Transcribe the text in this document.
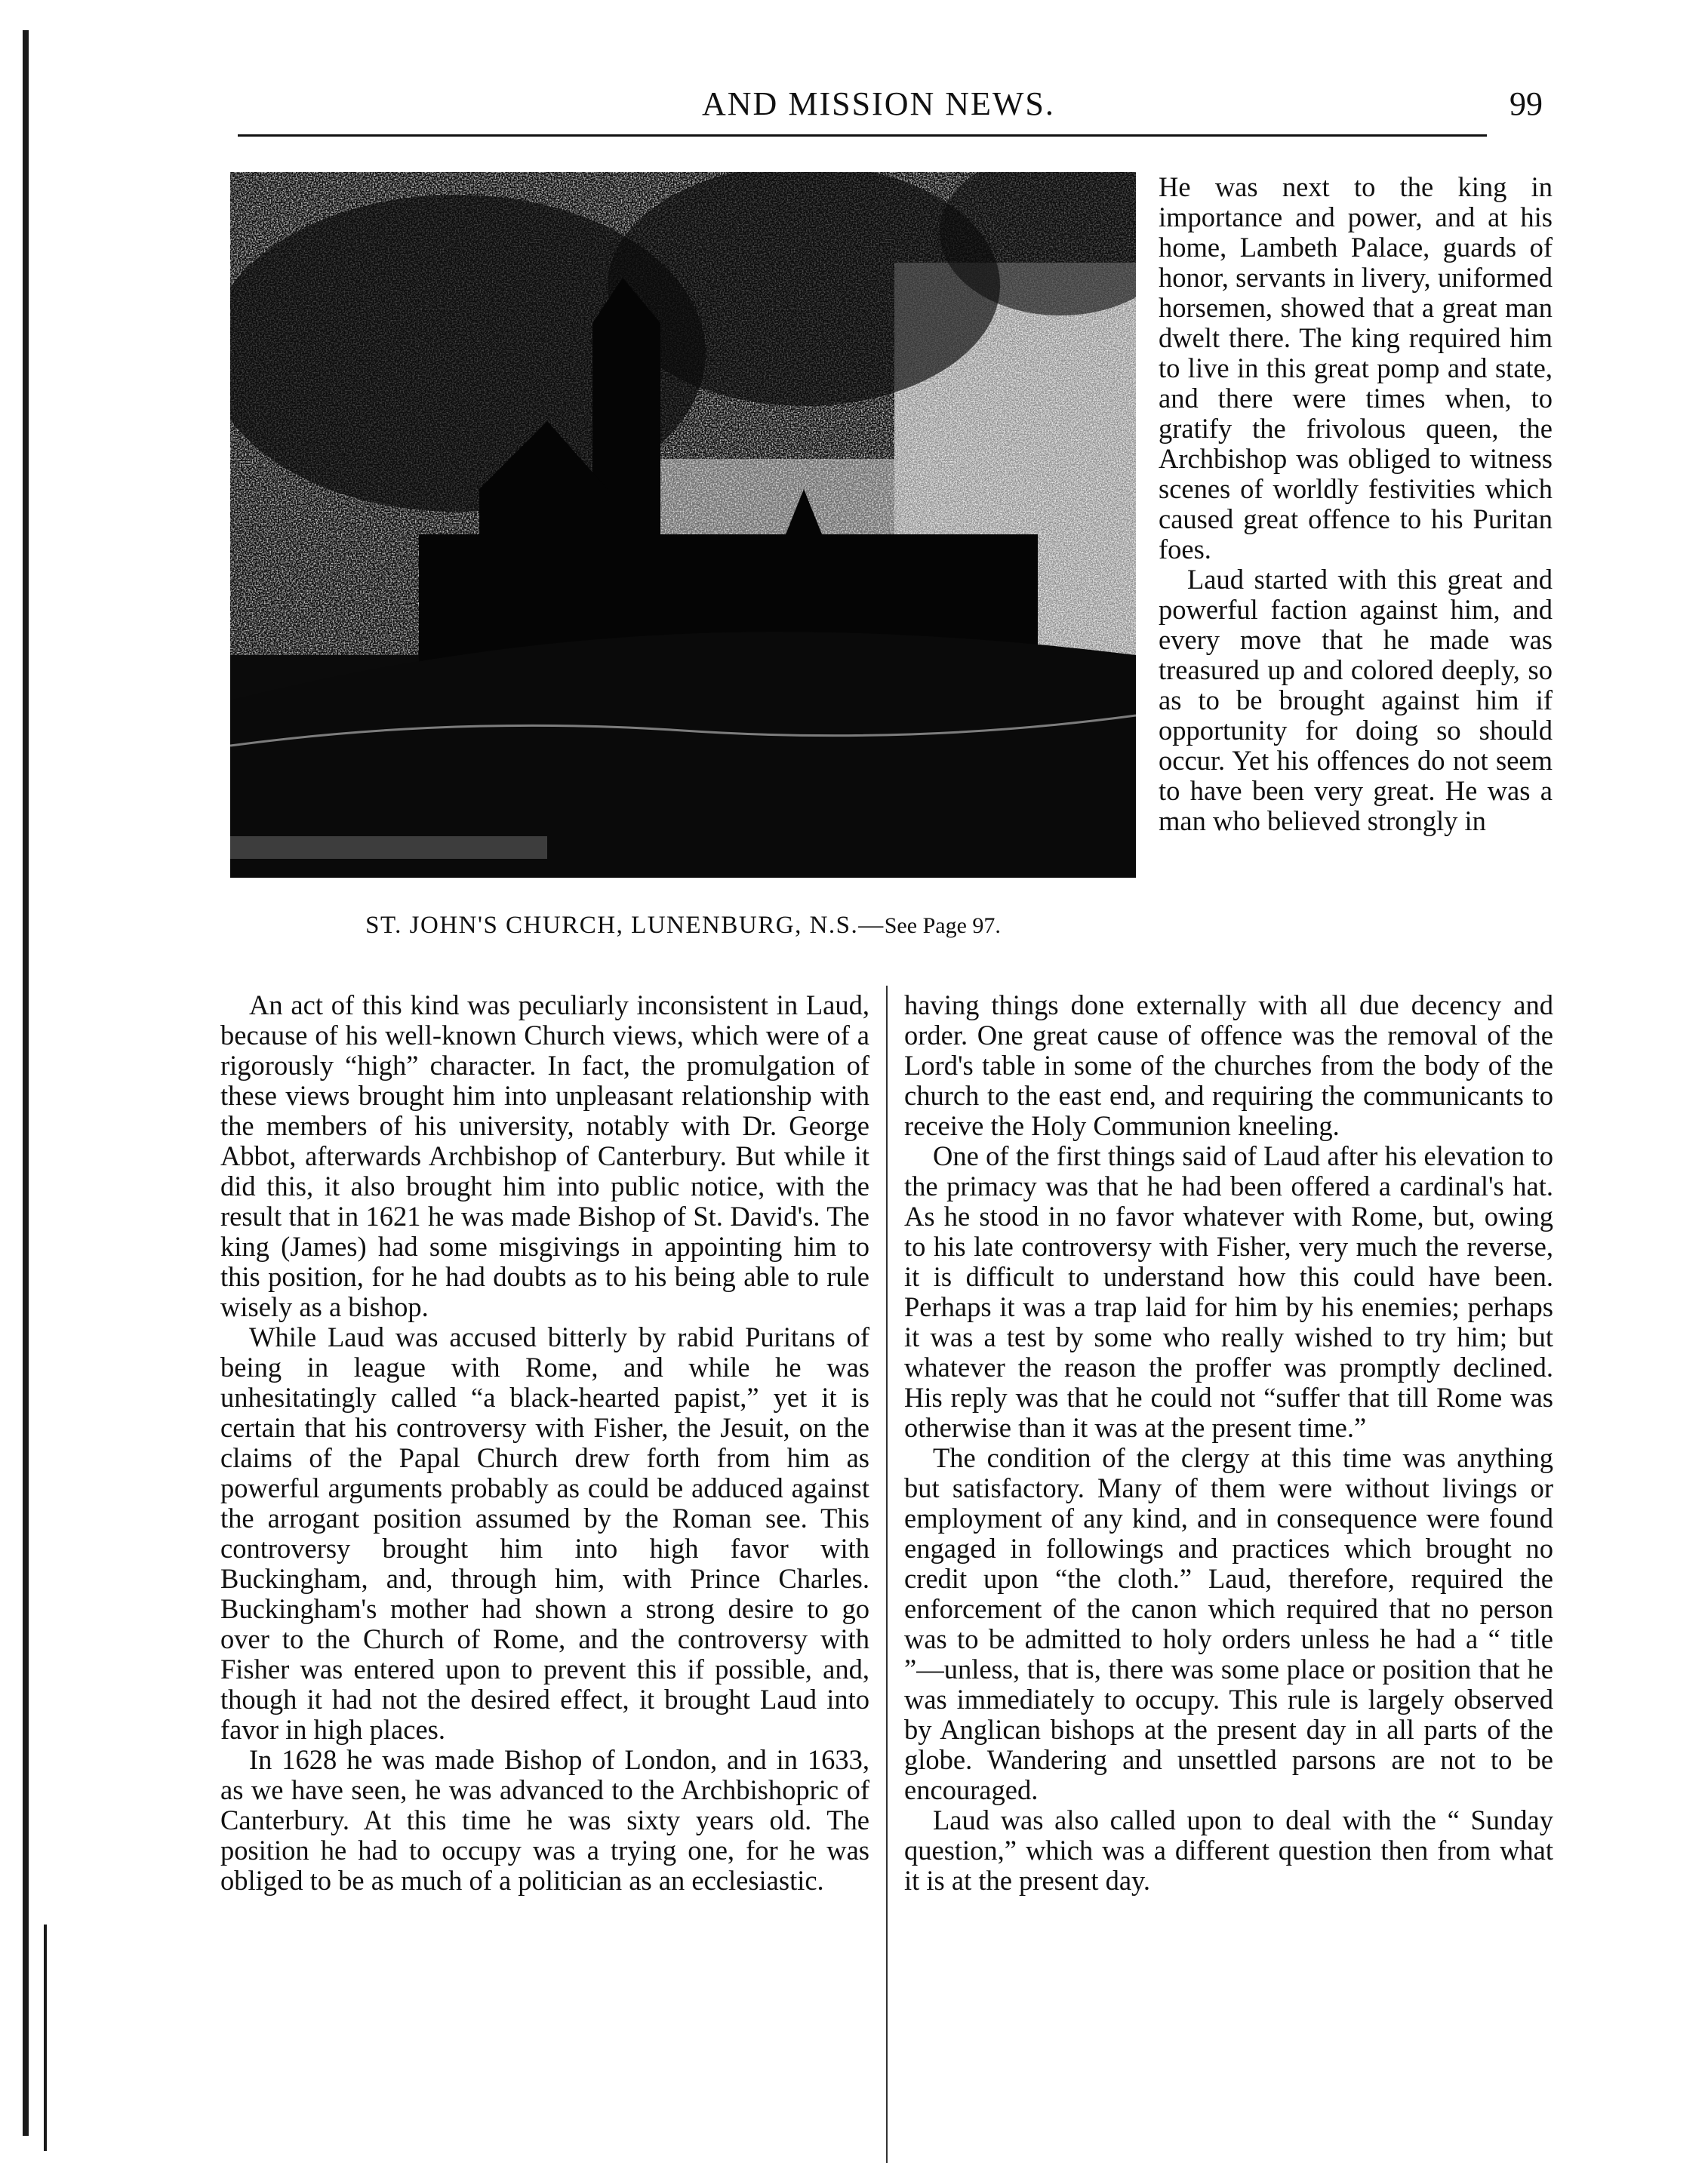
AND MISSION NEWS.	99
ST. JOHN'S CHURCH, LUNENBURG, N.S.—See Page 97.

He was next to the king in importance and power, and at his home, Lambeth Palace, guards of honor, servants in livery, uniformed horsemen, showed that a great man dwelt there. The king required him to live in this great pomp and state, and there were times when, to gratify the frivolous queen, the Archbishop was obliged to witness scenes of worldly festivities which caused great offence to his Puritan foes.

Laud started with this great and powerful faction against him, and every move that he made was treasured up and colored deeply, so as to be brought against him if opportunity for doing so should occur. Yet his offences do not seem to have been very great. He was a man who believed strongly in

An act of this kind was peculiarly inconsistent in Laud, because of his well-known Church views, which were of a rigorously “high” character. In fact, the promulgation of these views brought him into unpleasant relationship with the members of his university, notably with Dr. George Abbot, afterwards Archbishop of Canterbury. But while it did this, it also brought him into public notice, with the result that in 1621 he was made Bishop of St. David's. The king (James) had some misgivings in appointing him to this position, for he had doubts as to his being able to rule wisely as a bishop.

While Laud was accused bitterly by rabid Puritans of being in league with Rome, and while he was unhesitatingly called “a black-hearted papist,” yet it is certain that his controversy with Fisher, the Jesuit, on the claims of the Papal Church drew forth from him as powerful arguments probably as could be adduced against the arrogant position assumed by the Roman see. This controversy brought him into high favor with Buckingham, and, through him, with Prince Charles. Buckingham's mother had shown a strong desire to go over to the Church of Rome, and the controversy with Fisher was entered upon to prevent this if possible, and, though it had not the desired effect, it brought Laud into favor in high places.

In 1628 he was made Bishop of London, and in 1633, as we have seen, he was advanced to the Archbishopric of Canterbury. At this time he was sixty years old. The position he had to occupy was a trying one, for he was obliged to be as much of a politician as an ecclesiastic.

having things done externally with all due decency and order. One great cause of offence was the removal of the Lord's table in some of the churches from the body of the church to the east end, and requiring the communicants to receive the Holy Communion kneeling.

One of the first things said of Laud after his elevation to the primacy was that he had been offered a cardinal's hat. As he stood in no favor whatever with Rome, but, owing to his late controversy with Fisher, very much the reverse, it is difficult to understand how this could have been. Perhaps it was a trap laid for him by his enemies; perhaps it was a test by some who really wished to try him; but whatever the reason the proffer was promptly declined. His reply was that he could not “suffer that till Rome was otherwise than it was at the present time.”

The condition of the clergy at this time was anything but satisfactory. Many of them were without livings or employment of any kind, and in consequence were found engaged in followings and practices which brought no credit upon “the cloth.” Laud, therefore, required the enforcement of the canon which required that no person was to be admitted to holy orders unless he had a “ title ”—unless, that is, there was some place or position that he was immediately to occupy. This rule is largely observed by Anglican bishops at the present day in all parts of the globe. Wandering and unsettled parsons are not to be encouraged.

Laud was also called upon to deal with the “ Sunday question,” which was a different question then from what it is at the present day.
